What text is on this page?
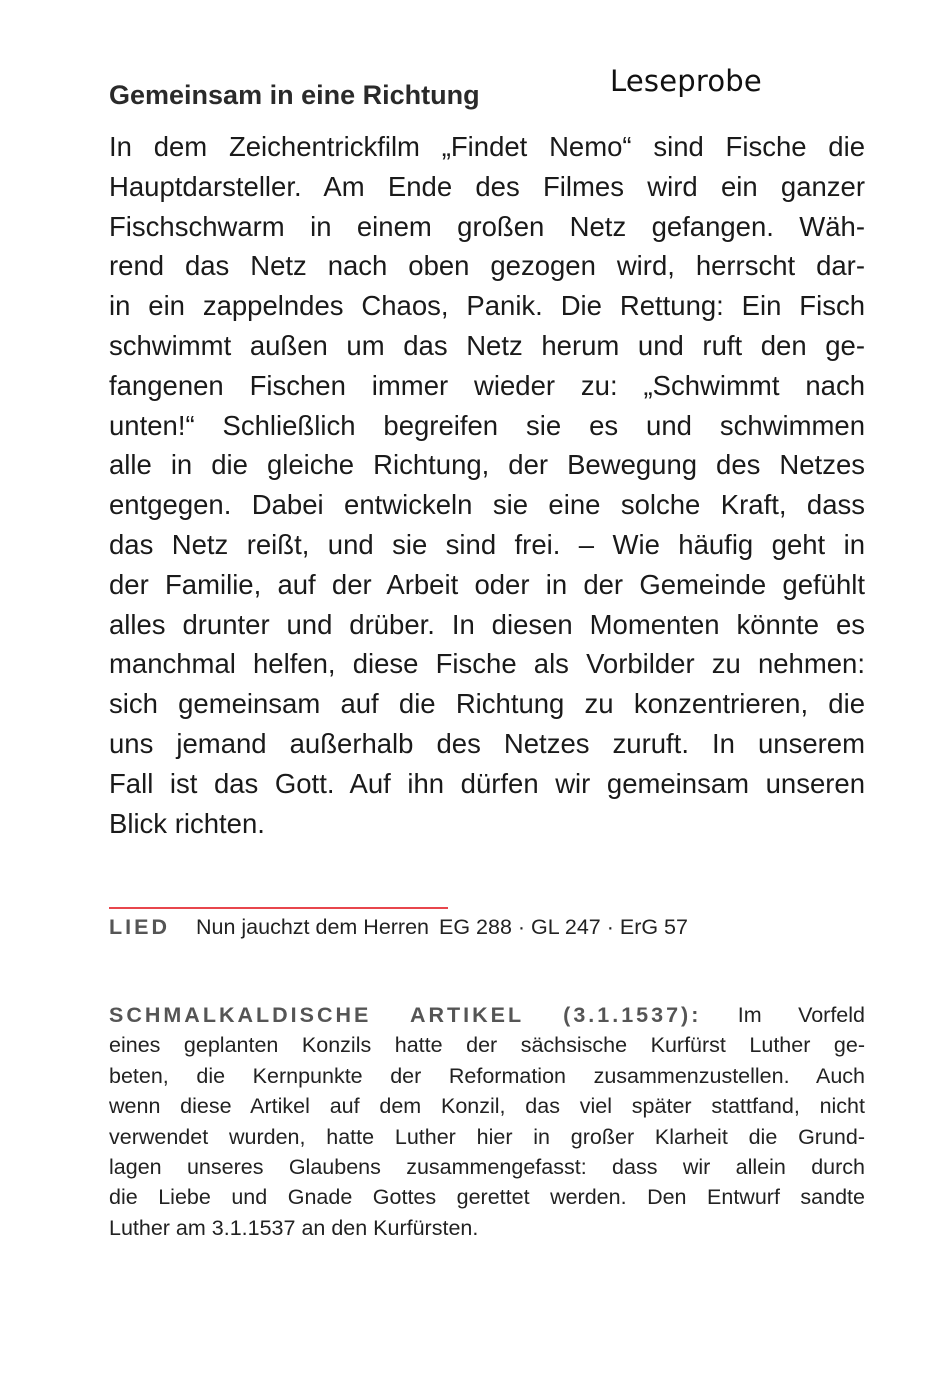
Leseprobe
Gemeinsam in eine Richtung
In dem Zeichentrickfilm „Findet Nemo“ sind Fische die
Hauptdarsteller. Am Ende des Filmes wird ein ganzer
Fischschwarm in einem großen Netz gefangen. Wäh-
rend das Netz nach oben gezogen wird, herrscht dar-
in ein zappelndes Chaos, Panik. Die Rettung: Ein Fisch
schwimmt außen um das Netz herum und ruft den ge-
fangenen Fischen immer wieder zu: „Schwimmt nach
unten!“ Schließlich begreifen sie es und schwimmen
alle in die gleiche Richtung, der Bewegung des Netzes
entgegen. Dabei entwickeln sie eine solche Kraft, dass
das Netz reißt, und sie sind frei. – Wie häufig geht in
der Familie, auf der Arbeit oder in der Gemeinde gefühlt
alles drunter und drüber. In diesen Momenten könnte es
manchmal helfen, diese Fische als Vorbilder zu nehmen:
sich gemeinsam auf die Richtung zu konzentrieren, die
uns jemand außerhalb des Netzes zuruft. In unserem
Fall ist das Gott. Auf ihn dürfen wir gemeinsam unseren
Blick richten.
LIED Nun jauchzt dem Herren EG 288 · GL 247 · ErG 57
SCHMALKALDISCHE ARTIKEL (3.1.1537): Im Vorfeld
eines geplanten Konzils hatte der sächsische Kurfürst Luther ge-
beten, die Kernpunkte der Reformation zusammenzustellen. Auch
wenn diese Artikel auf dem Konzil, das viel später stattfand, nicht
verwendet wurden, hatte Luther hier in großer Klarheit die Grund-
lagen unseres Glaubens zusammengefasst: dass wir allein durch
die Liebe und Gnade Gottes gerettet werden. Den Entwurf sandte
Luther am 3.1.1537 an den Kurfürsten.
